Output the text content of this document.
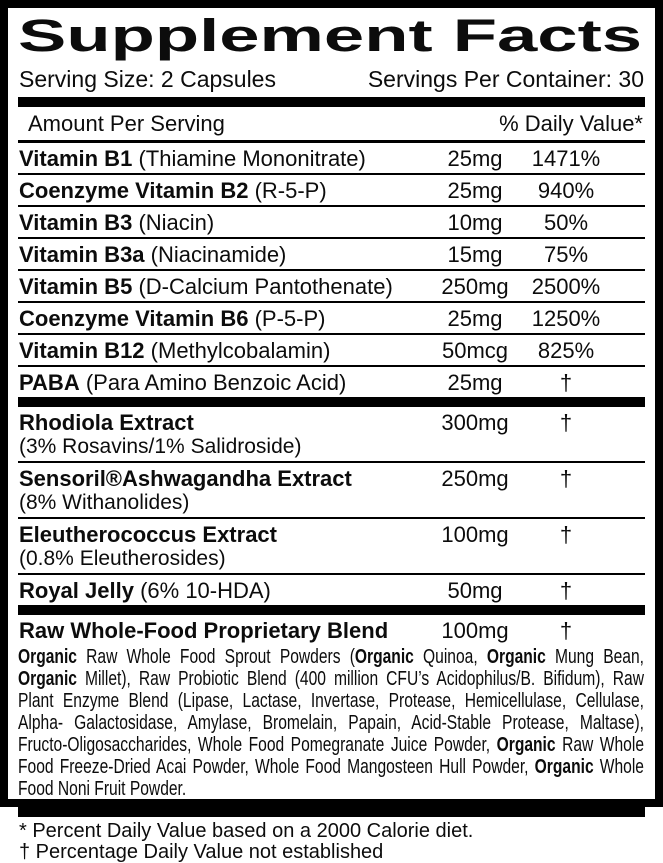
Supplement Facts
Serving Size: 2 Capsules	Servings Per Container: 30
Amount Per Serving	% Daily Value*
Vitamin B1 (Thiamine Mononitrate)	25mg	1471%
Coenzyme Vitamin B2 (R-5-P)	25mg	940%
Vitamin B3 (Niacin)	10mg	50%
Vitamin B3a (Niacinamide)	15mg	75%
Vitamin B5 (D-Calcium Pantothenate)	250mg	2500%
Coenzyme Vitamin B6 (P-5-P)	25mg	1250%
Vitamin B12 (Methylcobalamin)	50mcg	825%
PABA (Para Amino Benzoic Acid)	25mg	†
Rhodiola Extract
(3% Rosavins/1% Salidroside)
300mg	†
Sensoril®Ashwagandha Extract
(8% Withanolides)
250mg	†
Eleutherococcus Extract
(0.8% Eleutherosides)
100mg	†
Royal Jelly (6% 10-HDA)	50mg	†
Raw Whole-Food Proprietary Blend	100mg	†
Organic Raw Whole Food Sprout Powders (Organic Quinoa, Organic Mung Bean, Organic Millet), Raw Probiotic Blend (400 million CFU’s Acidophilus/B. Bifidum), Raw Plant Enzyme Blend (Lipase, Lactase, Invertase, Protease, Hemicellulase, Cellulase, Alpha- Galactosidase, Amylase, Bromelain, Papain, Acid-Stable Protease, Maltase), Fructo-Oligosaccharides, Whole Food Pomegranate Juice Powder, Organic Raw Whole Food Freeze-Dried Acai Powder, Whole Food Mangosteen Hull Powder, Organic Whole Food Noni Fruit Powder.
* Percent Daily Value based on a 2000 Calorie diet.
† Percentage Daily Value not established
